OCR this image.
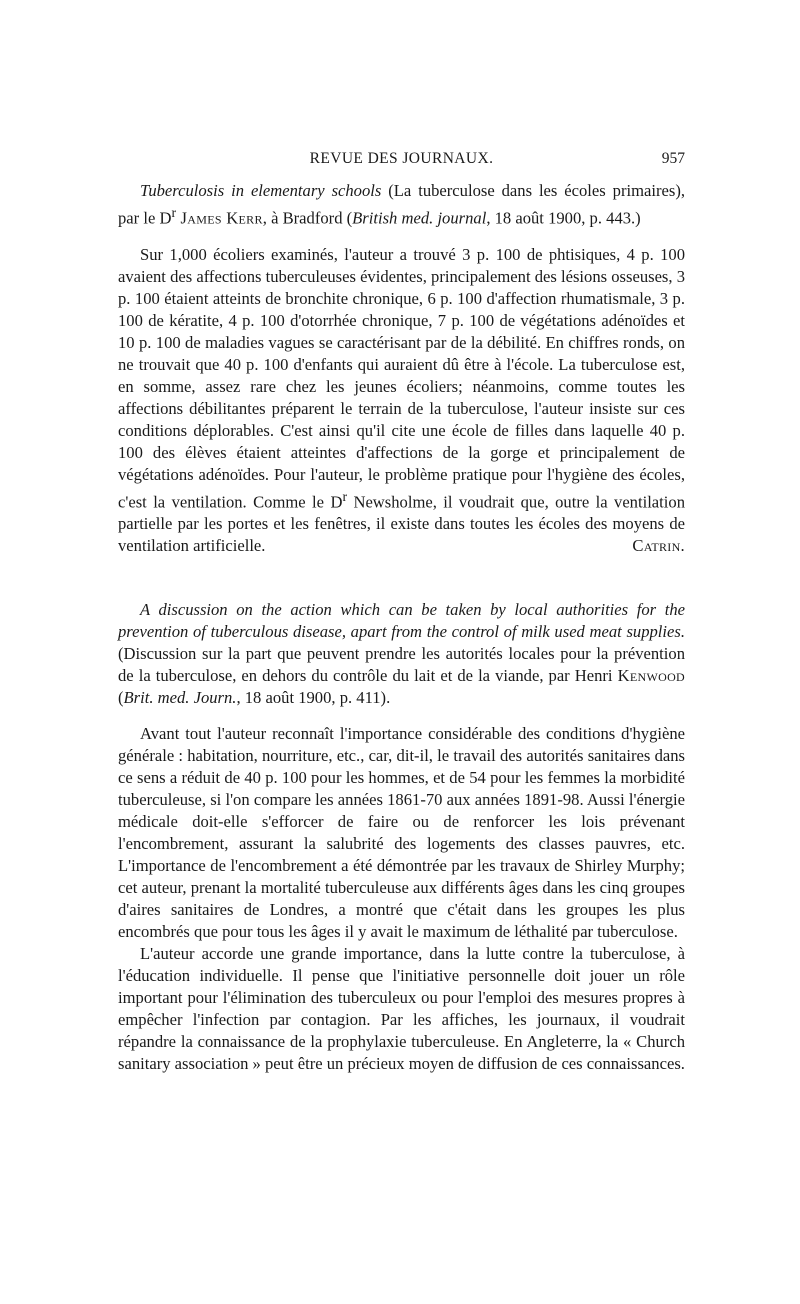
REVUE DES JOURNAUX.	957

Tuberculosis in elementary schools (La tuberculose dans les écoles primaires), par le $D^r$ James Kerr, à Bradford (British med. journal, 18 août 1900, p. 443.)

Sur 1,000 écoliers examinés, l'auteur a trouvé 3 p. 100 de phtisiques, 4 p. 100 avaient des affections tuberculeuses évidentes, principalement des lésions osseuses, 3 p. 100 étaient atteints de bronchite chronique, 6 p. 100 d'affection rhumatismale, 3 p. 100 de kératite, 4 p. 100 d'otorrhée chronique, 7 p. 100 de végétations adénoïdes et 10 p. 100 de maladies vagues se caractérisant par de la débilité. En chiffres ronds, on ne trouvait que 40 p. 100 d'enfants qui auraient dû être à l'école. La tuberculose est, en somme, assez rare chez les jeunes écoliers; néanmoins, comme toutes les affections débilitantes préparent le terrain de la tuberculose, l'auteur insiste sur ces conditions déplorables. C'est ainsi qu'il cite une école de filles dans laquelle 40 p. 100 des élèves étaient atteintes d'affections de la gorge et principalement de végétations adénoïdes. Pour l'auteur, le problème pratique pour l'hygiène des écoles, c'est la ventilation. Comme le $D^r$ Newsholme, il voudrait que, outre la ventilation partielle par les portes et les fenêtres, il existe dans toutes les écoles des moyens de ventilation artificielle.	Catrin.

A discussion on the action which can be taken by local authorities for the prevention of tuberculous disease, apart from the control of milk used meat supplies. (Discussion sur la part que peuvent prendre les autorités locales pour la prévention de la tuberculose, en dehors du contrôle du lait et de la viande, par Henri Kenwood (Brit. med. Journ., 18 août 1900, p. 411).

Avant tout l'auteur reconnaît l'importance considérable des conditions d'hygiène générale : habitation, nourriture, etc., car, dit-il, le travail des autorités sanitaires dans ce sens a réduit de 40 p. 100 pour les hommes, et de 54 pour les femmes la morbidité tuberculeuse, si l'on compare les années 1861-70 aux années 1891-98. Aussi l'énergie médicale doit-elle s'efforcer de faire ou de renforcer les lois prévenant l'encombrement, assurant la salubrité des logements des classes pauvres, etc. L'importance de l'encombrement a été démontrée par les travaux de Shirley Murphy; cet auteur, prenant la mortalité tuberculeuse aux différents âges dans les cinq groupes d'aires sanitaires de Londres, a montré que c'était dans les groupes les plus encombrés que pour tous les âges il y avait le maximum de léthalité par tuberculose.

L'auteur accorde une grande importance, dans la lutte contre la tuberculose, à l'éducation individuelle. Il pense que l'initiative personnelle doit jouer un rôle important pour l'élimination des tuberculeux ou pour l'emploi des mesures propres à empêcher l'infection par contagion. Par les affiches, les journaux, il voudrait répandre la connaissance de la prophylaxie tuberculeuse. En Angleterre, la « Church sanitary association » peut être un précieux moyen de diffusion de ces connaissances.
